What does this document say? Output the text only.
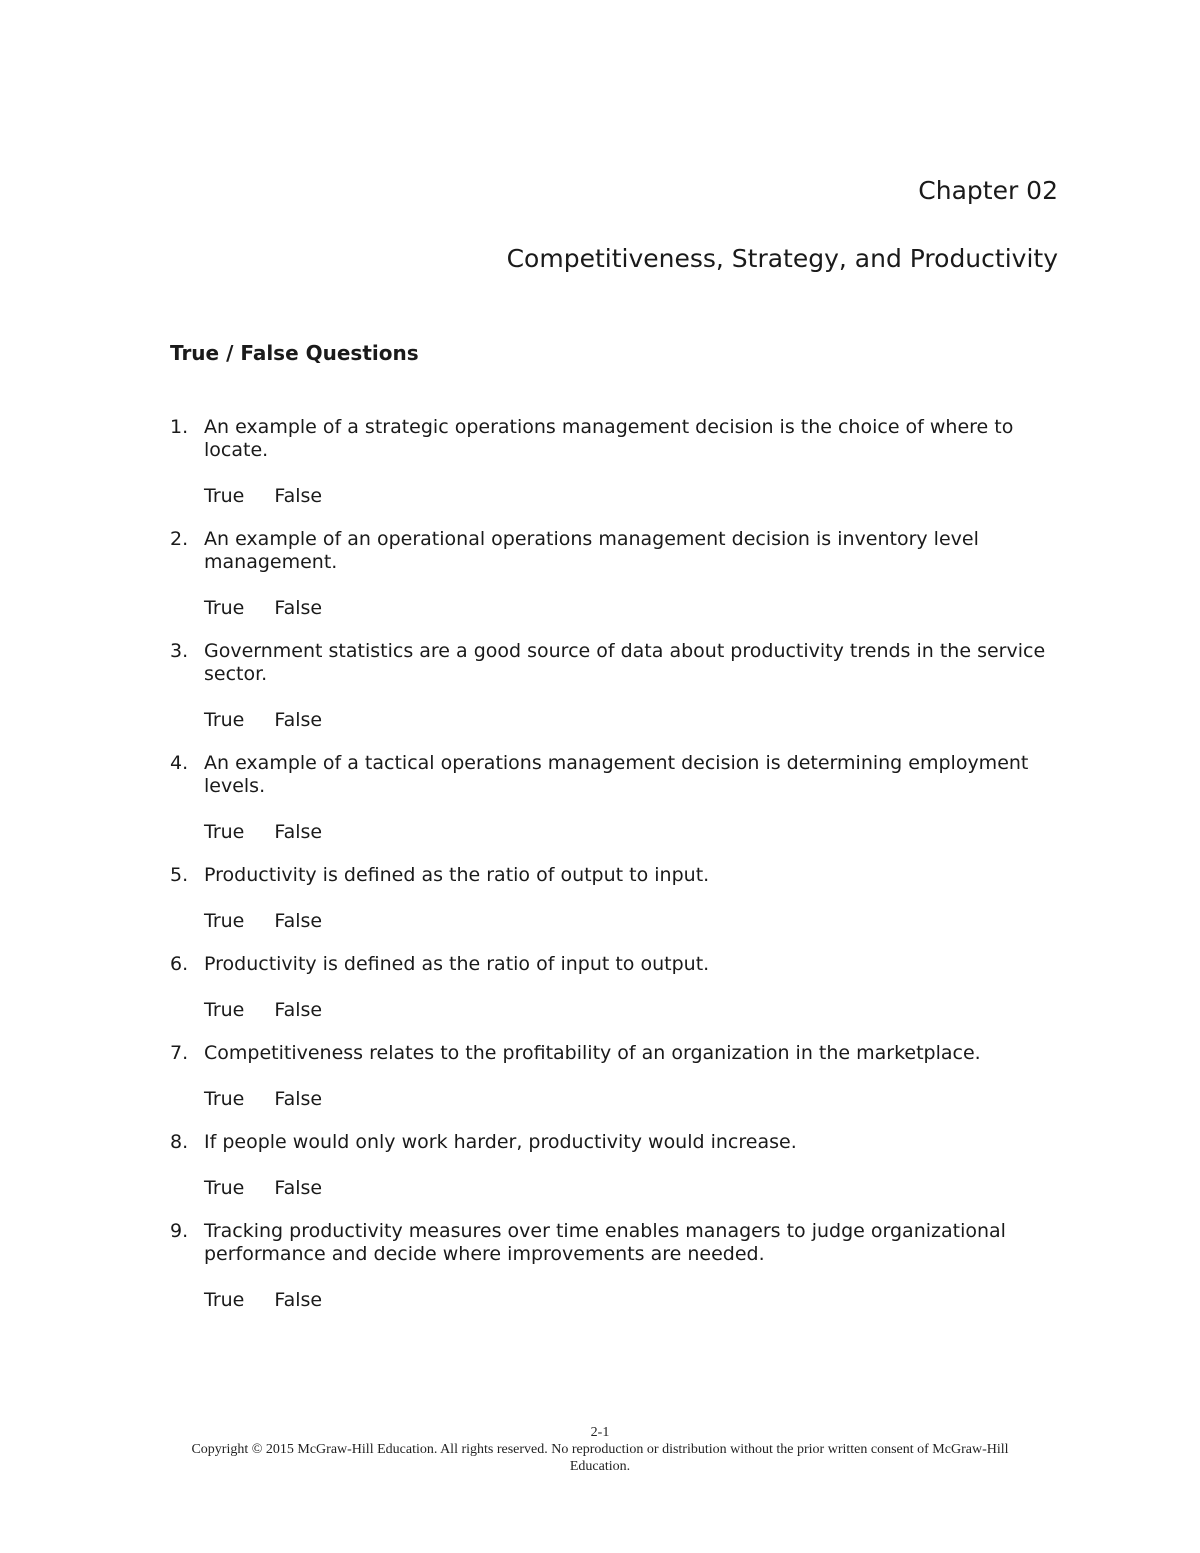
Chapter 02
Competitiveness, Strategy, and Productivity
True / False Questions
1. An example of a strategic operations management decision is the choice of where to locate.
True False
2. An example of an operational operations management decision is inventory level management.
True False
3. Government statistics are a good source of data about productivity trends in the service sector.
True False
4. An example of a tactical operations management decision is determining employment levels.
True False
5. Productivity is defined as the ratio of output to input.
True False
6. Productivity is defined as the ratio of input to output.
True False
7. Competitiveness relates to the profitability of an organization in the marketplace.
True False
8. If people would only work harder, productivity would increase.
True False
9. Tracking productivity measures over time enables managers to judge organizational performance and decide where improvements are needed.
True False
2-1

Copyright © 2015 McGraw-Hill Education. All rights reserved. No reproduction or distribution without the prior written consent of McGraw-Hill Education.
